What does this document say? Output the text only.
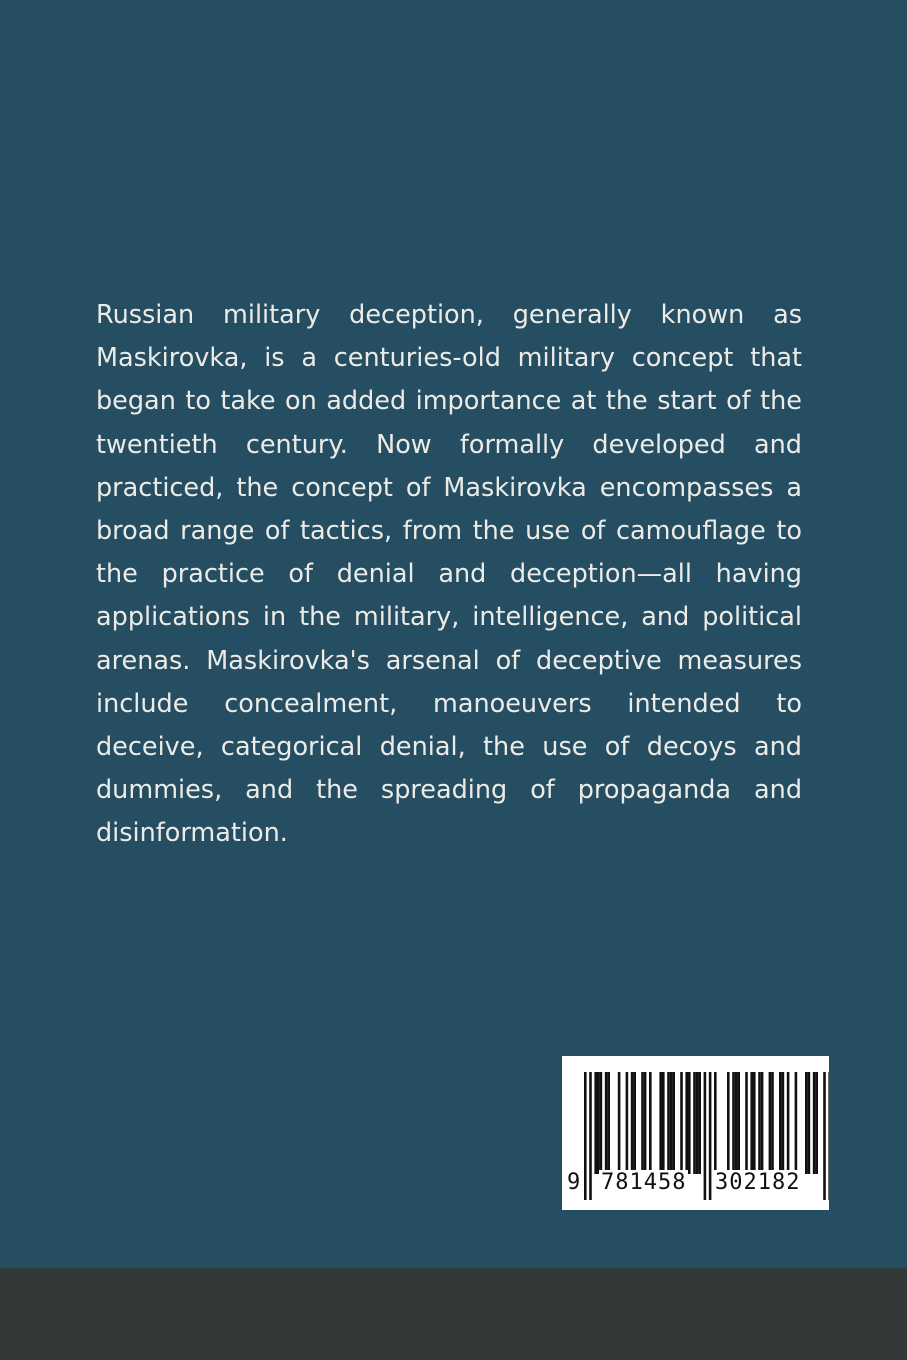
Russian military deception, generally known as Maskirovka, is a centuries-old military concept that began to take on added importance at the start of the twentieth century. Now formally developed and practiced, the concept of Maskirovka encompasses a broad range of tactics, from the use of camouflage to the practice of denial and deception—all having applications in the military, intelligence, and political arenas. Maskirovka's arsenal of deceptive measures include concealment, manoeuvers intended to deceive, categorical denial, the use of decoys and dummies, and the spreading of propaganda and disinformation.

9 781458 302182
